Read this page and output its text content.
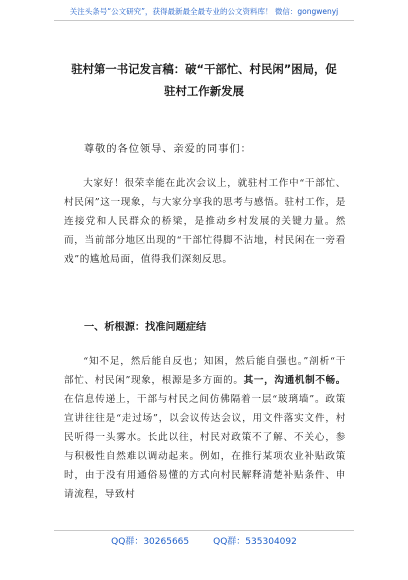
关注头条号“公文研究”，获得最新最全最专业的公文资料库！ 微信：gongwenyj
驻村第一书记发言稿：破“干部忙、村民闲”困局，促驻村工作新发展
尊敬的各位领导、亲爱的同事们：

大家好！很荣幸能在此次会议上，就驻村工作中“干部忙、村民闲”这一现象，与大家分享我的思考与感悟。驻村工作，是连接党和人民群众的桥梁，是推动乡村发展的关键力量。然而，当前部分地区出现的“干部忙得脚不沾地，村民闲在一旁看戏”的尴尬局面，值得我们深刻反思。

一、析根源：找准问题症结

“知不足，然后能自反也；知困，然后能自强也。”剖析“干部忙、村民闲”现象，根源是多方面的。其一，沟通机制不畅。在信息传递上，干部与村民之间仿佛隔着一层“玻璃墙”。政策宣讲往往是“走过场”，以会议传达会议，用文件落实文件，村民听得一头雾水。长此以往，村民对政策不了解、不关心，参与积极性自然难以调动起来。例如，在推行某项农业补贴政策时，由于没有用通俗易懂的方式向村民解释清楚补贴条件、申请流程，导致村

QQ群：30265665	QQ群：535304092
